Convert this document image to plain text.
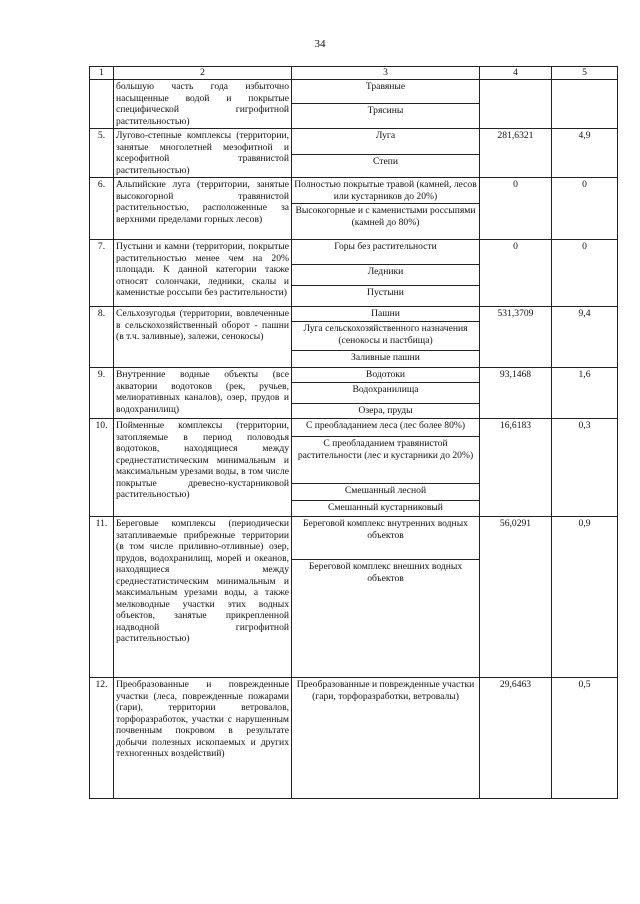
34
1	2	3	4	5
	большую часть года избыточно насыщенные водой и покрытые специфической гигрофитной растительностью)	Травяные		
		Трясины		
5.	Лугово-степные комплексы (территории, занятые многолетней мезофитной и ксерофитной травянистой растительностью)	Луга	281,6321	4,9
		Степи		
6.	Альпийские луга (территории, занятые высокогорной травянистой растительностью, расположенные за верхними пределами горных лесов)	Полностью покрытые травой (камней, лесов или кустарников до 20%)	0	0
		Высокогорные и с каменистыми россыпями (камней до 80%)		
7.	Пустыни и камни (территории, покрытые растительностью менее чем на 20% площади. К данной категории также относят солончаки, ледники, скалы и каменистые россыпи без растительности)	Горы без растительности	0	0
		Ледники		
		Пустыни		
8.	Сельхозугодья (территории, вовлеченные в сельскохозяйственный оборот - пашни (в т.ч. заливные), залежи, сенокосы)	Пашни	531,3709	9,4
		Луга сельскохозяйственного назначения (сенокосы и пастбища)		
		Заливные пашни		
9.	Внутренние водные объекты (все акватории водотоков (рек, ручьев, мелиоративных каналов), озер, прудов и водохранилищ)	Водотоки	93,1468	1,6
		Водохранилища		
		Озера, пруды		
10.	Пойменные комплексы (территории, затопляемые в период половодья водотоков, находящиеся между среднестатистическим минимальным и максимальным урезами воды, в том числе покрытые древесно-кустарниковой растительностью)	С преобладанием леса (лес более 80%)	16,6183	0,3
		С преобладанием травянистой растительности (лес и кустарники до 20%)		
		Смешанный лесной		
		Смешанный кустарниковый		
11.	Береговые комплексы (периодически затапливаемые прибрежные территории (в том числе приливно-отливные) озер, прудов, водохранилищ, морей и океанов, находящиеся между среднестатистическим минимальным и максимальным урезами воды, а также мелководные участки этих водных объектов, занятые прикрепленной надводной гигрофитной растительностью)	Береговой комплекс внутренних водных объектов	56,0291	0,9
		Береговой комплекс внешних водных объектов		
12.	Преобразованные и поврежденные участки (леса, поврежденные пожарами (гари), территории ветровалов, торфоразработок, участки с нарушенным почвенным покровом в результате добычи полезных ископаемых и других техногенных воздействий)	Преобразованные и поврежденные участки (гари, торфоразработки, ветровалы)	29,6463	0,5
